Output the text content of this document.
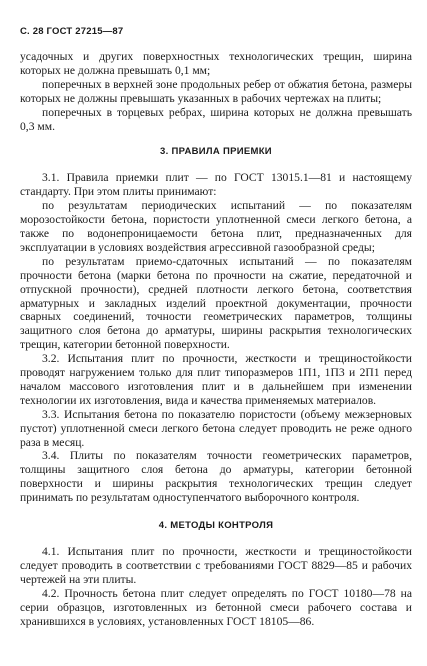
С. 28 ГОСТ 27215—87

усадочных и других поверхностных технологических трещин, ширина которых не должна превышать 0,1 мм;

поперечных в верхней зоне продольных ребер от обжатия бетона, размеры которых не должны превышать указанных в рабочих чертежах на плиты;

поперечных в торцевых ребрах, ширина которых не должна превышать 0,3 мм.

3. ПРАВИЛА ПРИЕМКИ

3.1. Правила приемки плит — по ГОСТ 13015.1—81 и настоящему стандарту. При этом плиты принимают:

по результатам периодических испытаний — по показателям морозостойкости бетона, пористости уплотненной смеси легкого бетона, а также по водонепроницаемости бетона плит, предназначенных для эксплуатации в условиях воздействия агрессивной газообразной среды;

по результатам приемо-сдаточных испытаний — по показателям прочности бетона (марки бетона по прочности на сжатие, передаточной и отпускной прочности), средней плотности легкого бетона, соответствия арматурных и закладных изделий проектной документации, прочности сварных соединений, точности геометрических параметров, толщины защитного слоя бетона до арматуры, ширины раскрытия технологических трещин, категории бетонной поверхности.

3.2. Испытания плит по прочности, жесткости и трещиностойкости проводят нагружением только для плит типоразмеров 1П1, 1П3 и 2П1 перед началом массового изготовления плит и в дальнейшем при изменении технологии их изготовления, вида и качества применяемых материалов.

3.3. Испытания бетона по показателю пористости (объему межзерновых пустот) уплотненной смеси легкого бетона следует проводить не реже одного раза в месяц.

3.4. Плиты по показателям точности геометрических параметров, толщины защитного слоя бетона до арматуры, категории бетонной поверхности и ширины раскрытия технологических трещин следует принимать по результатам одноступенчатого выборочного контроля.

4. МЕТОДЫ КОНТРОЛЯ

4.1. Испытания плит по прочности, жесткости и трещиностойкости следует проводить в соответствии с требованиями ГОСТ 8829—85 и рабочих чертежей на эти плиты.

4.2. Прочность бетона плит следует определять по ГОСТ 10180—78 на серии образцов, изготовленных из бетонной смеси рабочего состава и хранившихся в условиях, установленных ГОСТ 18105—86.
